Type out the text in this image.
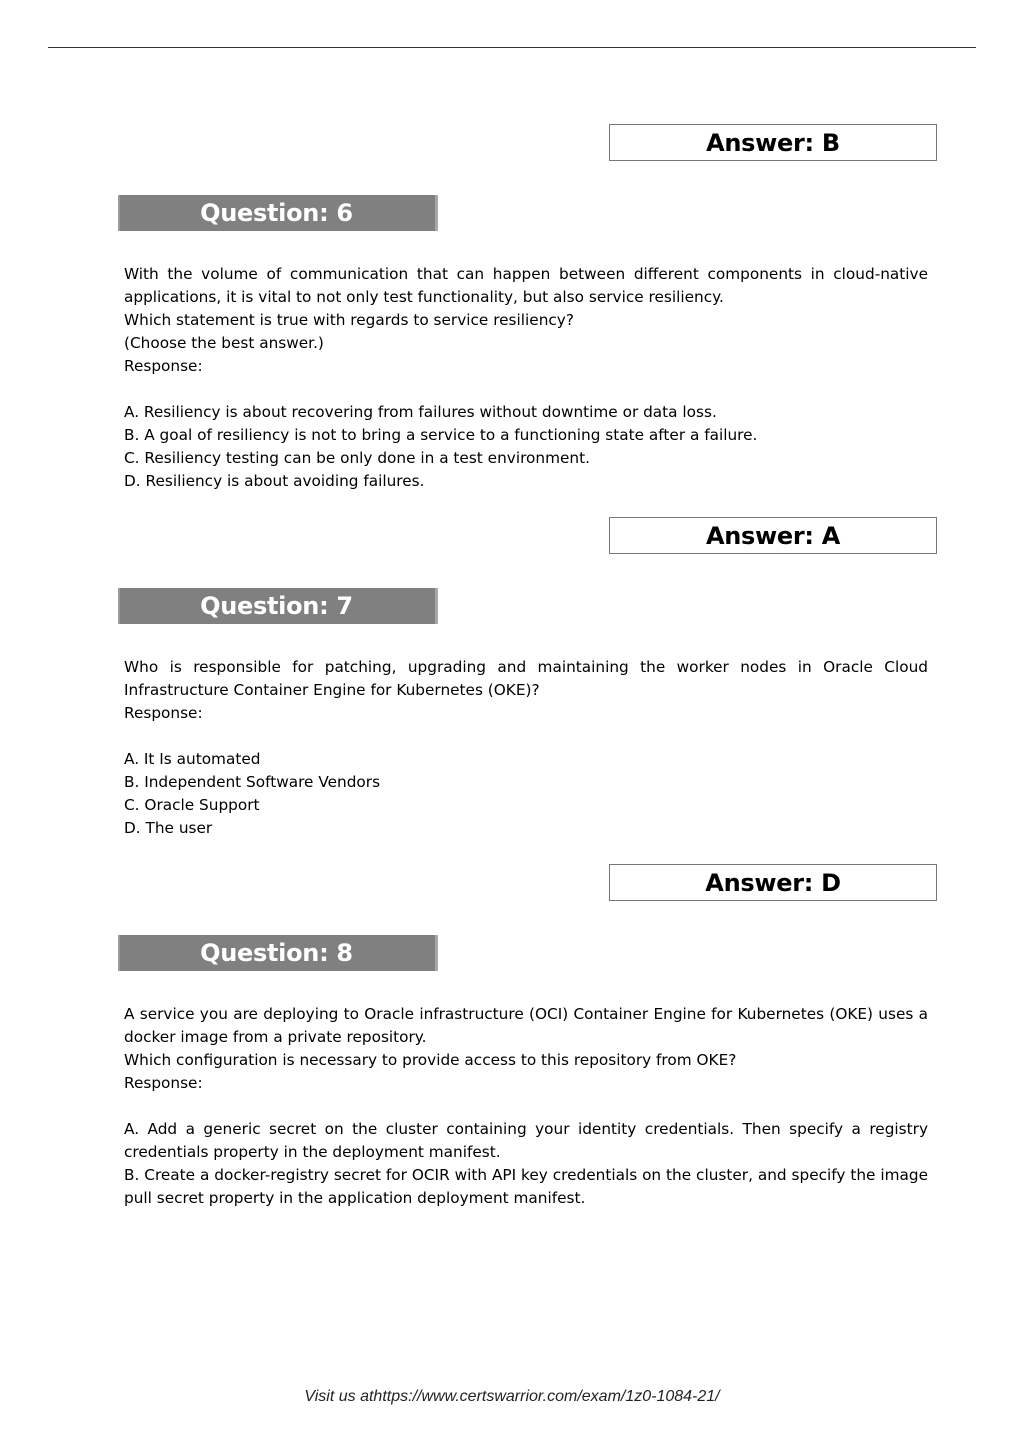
Answer: B
Question: 6

With the volume of communication that can happen between different components in cloud-native applications, it is vital to not only test functionality, but also service resiliency.

Which statement is true with regards to service resiliency?

(Choose the best answer.)

Response:

A. Resiliency is about recovering from failures without downtime or data loss.

B. A goal of resiliency is not to bring a service to a functioning state after a failure.

C. Resiliency testing can be only done in a test environment.

D. Resiliency is about avoiding failures.

Answer: A
Question: 7

Who is responsible for patching, upgrading and maintaining the worker nodes in Oracle Cloud Infrastructure Container Engine for Kubernetes (OKE)?

Response:

A. It Is automated

B. Independent Software Vendors

C. Oracle Support

D. The user

Answer: D
Question: 8

A service you are deploying to Oracle infrastructure (OCI) Container Engine for Kubernetes (OKE) uses a docker image from a private repository.

Which configuration is necessary to provide access to this repository from OKE?

Response:

A. Add a generic secret on the cluster containing your identity credentials. Then specify a registry credentials property in the deployment manifest.

B. Create a docker-registry secret for OCIR with API key credentials on the cluster, and specify the image pull secret property in the application deployment manifest.

Visit us athttps://www.certswarrior.com/exam/1z0-1084-21/
